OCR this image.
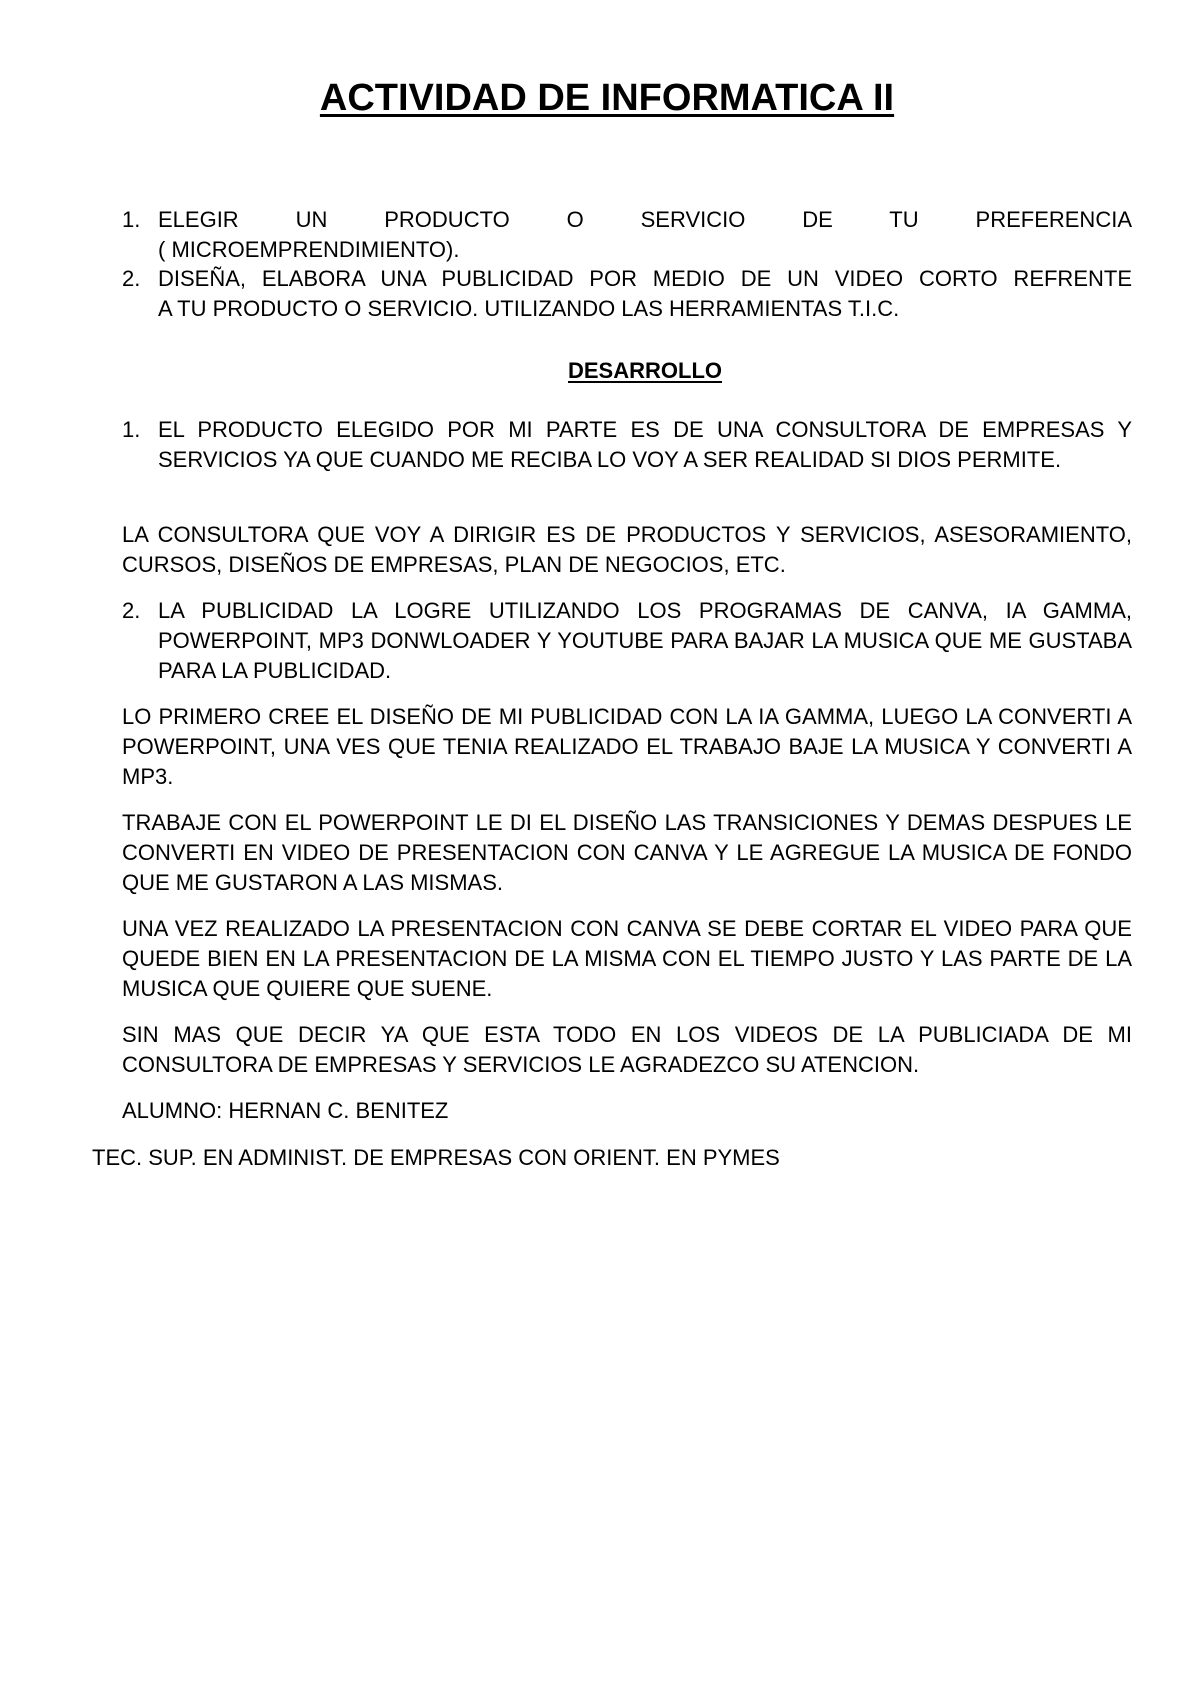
ACTIVIDAD DE INFORMATICA II
1. ELEGIR UN PRODUCTO O SERVICIO DE TU PREFERENCIA
( MICROEMPRENDIMIENTO).
2. DISEÑA, ELABORA UNA PUBLICIDAD POR MEDIO DE UN VIDEO CORTO REFRENTE
A TU PRODUCTO O SERVICIO. UTILIZANDO LAS HERRAMIENTAS T.I.C.
DESARROLLO
1. EL PRODUCTO ELEGIDO POR MI PARTE ES DE UNA CONSULTORA DE EMPRESAS Y SERVICIOS YA QUE CUANDO ME RECIBA LO VOY A SER REALIDAD SI DIOS PERMITE.

LA CONSULTORA QUE VOY A DIRIGIR ES DE PRODUCTOS Y SERVICIOS, ASESORAMIENTO, CURSOS, DISEÑOS DE EMPRESAS, PLAN DE NEGOCIOS, ETC.

2. LA PUBLICIDAD LA LOGRE UTILIZANDO LOS PROGRAMAS DE CANVA, IA GAMMA, POWERPOINT, MP3 DONWLOADER Y YOUTUBE PARA BAJAR LA MUSICA QUE ME GUSTABA PARA LA PUBLICIDAD.

LO PRIMERO CREE EL DISEÑO DE MI PUBLICIDAD CON LA IA GAMMA, LUEGO LA CONVERTI A POWERPOINT, UNA VES QUE TENIA REALIZADO EL TRABAJO BAJE LA MUSICA Y CONVERTI A MP3.

TRABAJE CON EL POWERPOINT LE DI EL DISEÑO LAS TRANSICIONES Y DEMAS DESPUES LE CONVERTI EN VIDEO DE PRESENTACION CON CANVA Y LE AGREGUE LA MUSICA DE FONDO QUE ME GUSTARON A LAS MISMAS.

UNA VEZ REALIZADO LA PRESENTACION CON CANVA SE DEBE CORTAR EL VIDEO PARA QUE QUEDE BIEN EN LA PRESENTACION DE LA MISMA CON EL TIEMPO JUSTO Y LAS PARTE DE LA MUSICA QUE QUIERE QUE SUENE.

SIN MAS QUE DECIR YA QUE ESTA TODO EN LOS VIDEOS DE LA PUBLICIADA DE MI CONSULTORA DE EMPRESAS Y SERVICIOS LE AGRADEZCO SU ATENCION.

ALUMNO: HERNAN C. BENITEZ

TEC. SUP. EN ADMINIST. DE EMPRESAS CON ORIENT. EN PYMES
